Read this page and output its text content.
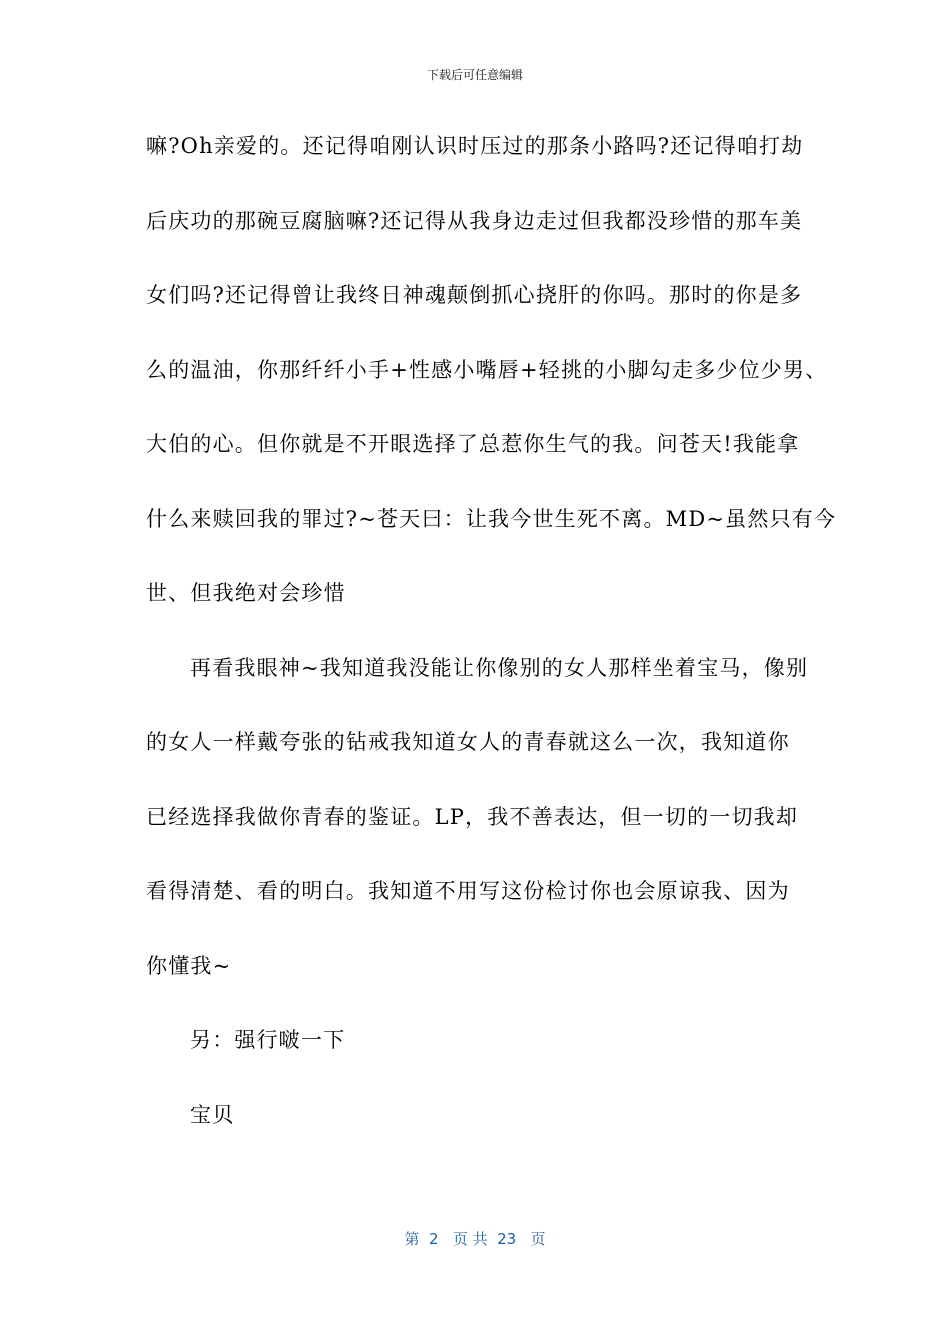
下载后可任意编辑
嘛?Oh亲爱的。还记得咱刚认识时压过的那条小路吗?还记得咱打劫
后庆功的那碗豆腐脑嘛?还记得从我身边走过但我都没珍惜的那车美
女们吗?还记得曾让我终日神魂颠倒抓心挠肝的你吗。那时的你是多
么的温油，你那纤纤小手+性感小嘴唇+轻挑的小脚勾走多少位少男、
大伯的心。但你就是不开眼选择了总惹你生气的我。问苍天!我能拿
什么来赎回我的罪过?~苍天曰：让我今世生死不离。MD~虽然只有今
世、但我绝对会珍惜
再看我眼神~我知道我没能让你像别的女人那样坐着宝马，像别
的女人一样戴夸张的钻戒我知道女人的青春就这么一次，我知道你
已经选择我做你青春的鉴证。LP，我不善表达，但一切的一切我却
看得清楚、看的明白。我知道不用写这份检讨你也会原谅我、因为
你懂我~
另：强行啵一下
宝贝
第  2   页 共  23   页
